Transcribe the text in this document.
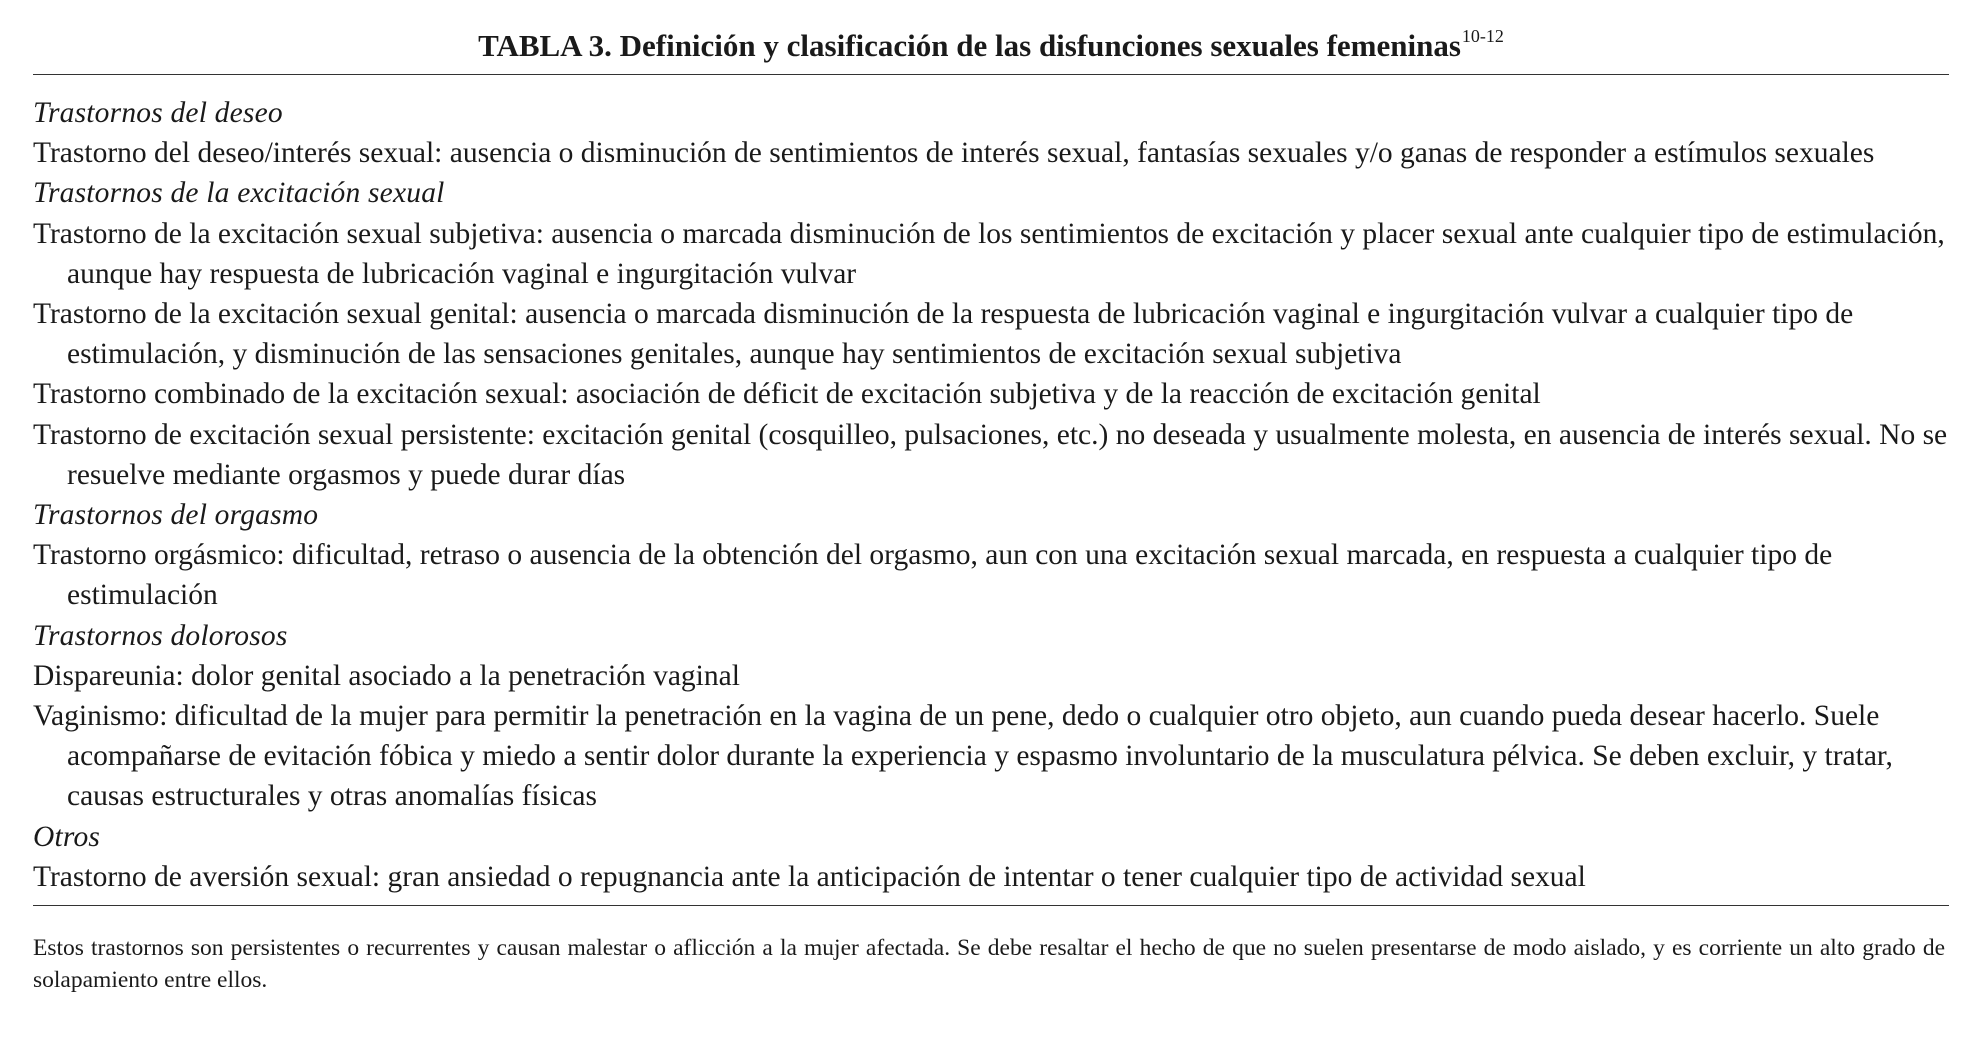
TABLA 3. Definición y clasificación de las disfunciones sexuales femeninas$^{10-12}$
Trastornos del deseo
Trastorno del deseo/interés sexual: ausencia o disminución de sentimientos de interés sexual, fantasías sexuales y/o ganas de responder a estímulos sexuales
Trastornos de la excitación sexual
Trastorno de la excitación sexual subjetiva: ausencia o marcada disminución de los sentimientos de excitación y placer sexual ante cualquier tipo de estimulación, aunque hay respuesta de lubricación vaginal e ingurgitación vulvar
Trastorno de la excitación sexual genital: ausencia o marcada disminución de la respuesta de lubricación vaginal e ingurgitación vulvar a cualquier tipo de estimulación, y disminución de las sensaciones genitales, aunque hay sentimientos de excitación sexual subjetiva
Trastorno combinado de la excitación sexual: asociación de déficit de excitación subjetiva y de la reacción de excitación genital
Trastorno de excitación sexual persistente: excitación genital (cosquilleo, pulsaciones, etc.) no deseada y usualmente molesta, en ausencia de interés sexual. No se resuelve mediante orgasmos y puede durar días
Trastornos del orgasmo
Trastorno orgásmico: dificultad, retraso o ausencia de la obtención del orgasmo, aun con una excitación sexual marcada, en respuesta a cualquier tipo de estimulación
Trastornos dolorosos
Dispareunia: dolor genital asociado a la penetración vaginal
Vaginismo: dificultad de la mujer para permitir la penetración en la vagina de un pene, dedo o cualquier otro objeto, aun cuando pueda desear hacerlo. Suele acompañarse de evitación fóbica y miedo a sentir dolor durante la experiencia y espasmo involuntario de la musculatura pélvica. Se deben excluir, y tratar, causas estructurales y otras anomalías físicas
Otros
Trastorno de aversión sexual: gran ansiedad o repugnancia ante la anticipación de intentar o tener cualquier tipo de actividad sexual
Estos trastornos son persistentes o recurrentes y causan malestar o aflicción a la mujer afectada. Se debe resaltar el hecho de que no suelen presentarse de modo aislado, y es corriente un alto grado de solapamiento entre ellos.
